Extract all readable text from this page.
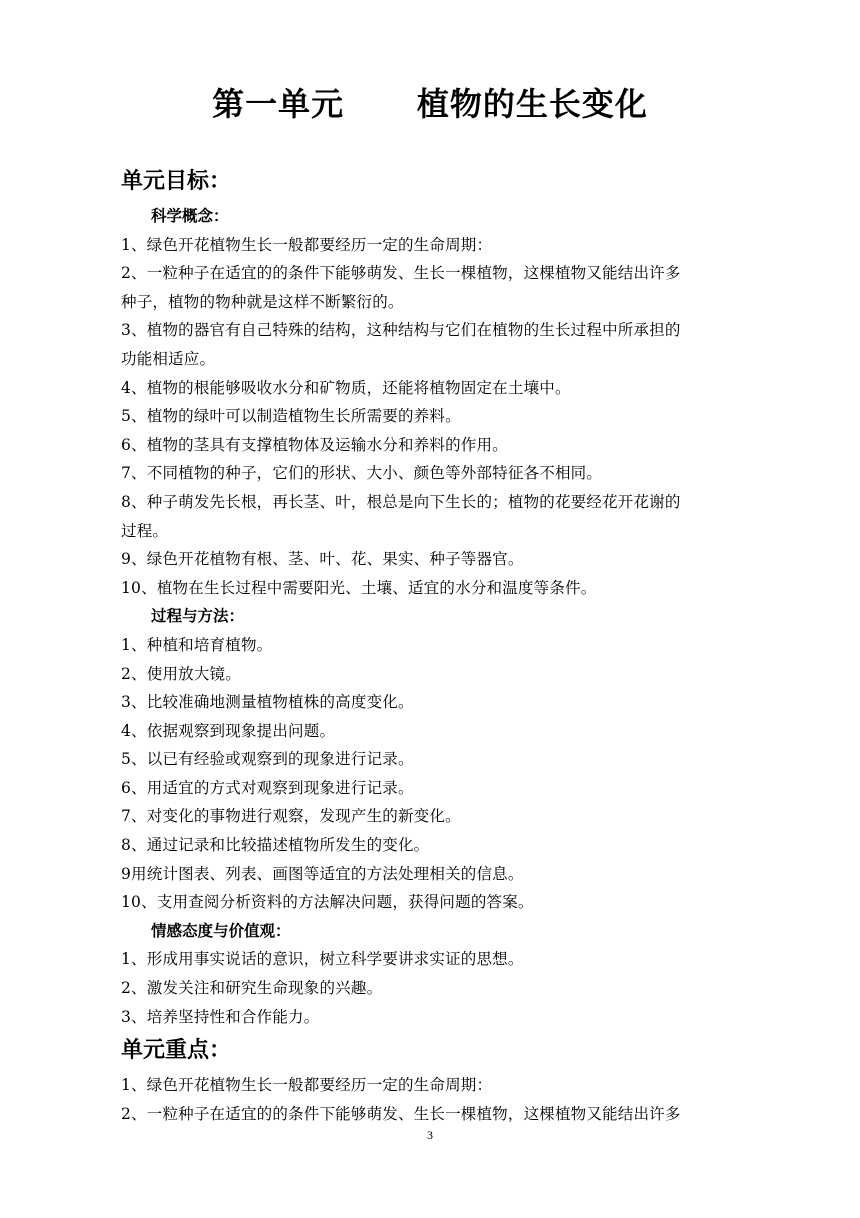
第一单元      植物的生长变化
单元目标：
科学概念：
1、绿色开花植物生长一般都要经历一定的生命周期：
2、一粒种子在适宜的的条件下能够萌发、生长一棵植物，这棵植物又能结出许多
种子，植物的物种就是这样不断繁衍的。
3、植物的器官有自己特殊的结构，这种结构与它们在植物的生长过程中所承担的
功能相适应。
4、植物的根能够吸收水分和矿物质，还能将植物固定在土壤中。
5、植物的绿叶可以制造植物生长所需要的养料。
6、植物的茎具有支撑植物体及运输水分和养料的作用。
7、不同植物的种子，它们的形状、大小、颜色等外部特征各不相同。
8、种子萌发先长根，再长茎、叶，根总是向下生长的；植物的花要经花开花谢的
过程。
9、绿色开花植物有根、茎、叶、花、果实、种子等器官。
10、植物在生长过程中需要阳光、土壤、适宜的水分和温度等条件。
过程与方法：
1、种植和培育植物。
2、使用放大镜。
3、比较准确地测量植物植株的高度变化。
4、依据观察到现象提出问题。
5、以已有经验或观察到的现象进行记录。
6、用适宜的方式对观察到现象进行记录。
7、对变化的事物进行观察，发现产生的新变化。
8、通过记录和比较描述植物所发生的变化。
9用统计图表、列表、画图等适宜的方法处理相关的信息。
10、支用查阅分析资料的方法解决问题，获得问题的答案。
情感态度与价值观：
1、形成用事实说话的意识，树立科学要讲求实证的思想。
2、激发关注和研究生命现象的兴趣。
3、培养坚持性和合作能力。
单元重点：
1、绿色开花植物生长一般都要经历一定的生命周期：
2、一粒种子在适宜的的条件下能够萌发、生长一棵植物，这棵植物又能结出许多
3
